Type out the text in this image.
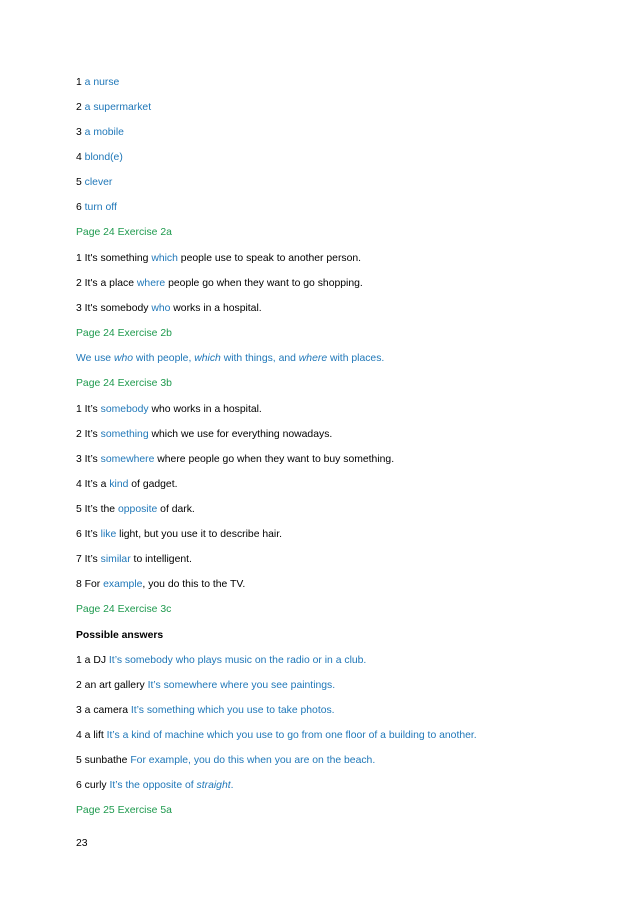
1 a nurse
2 a supermarket
3 a mobile
4 blond(e)
5 clever
6 turn off
Page 24 Exercise 2a
1 It's something which people use to speak to another person.
2 It's a place where people go when they want to go shopping.
3 It's somebody who works in a hospital.
Page 24 Exercise 2b
We use who with people, which with things, and where with places.
Page 24 Exercise 3b
1 It’s somebody who works in a hospital.
2 It’s something which we use for everything nowadays.
3 It’s somewhere where people go when they want to buy something.
4 It’s a kind of gadget.
5 It’s the opposite of dark.
6 It’s like light, but you use it to describe hair.
7 It’s similar to intelligent.
8 For example, you do this to the TV.
Page 24 Exercise 3c
Possible answers
1 a DJ It’s somebody who plays music on the radio or in a club.
2 an art gallery It’s somewhere where you see paintings.
3 a camera It’s something which you use to take photos.
4 a lift It’s a kind of machine which you use to go from one floor of a building to another.
5 sunbathe For example, you do this when you are on the beach.
6 curly It’s the opposite of straight.
Page 25 Exercise 5a
23
